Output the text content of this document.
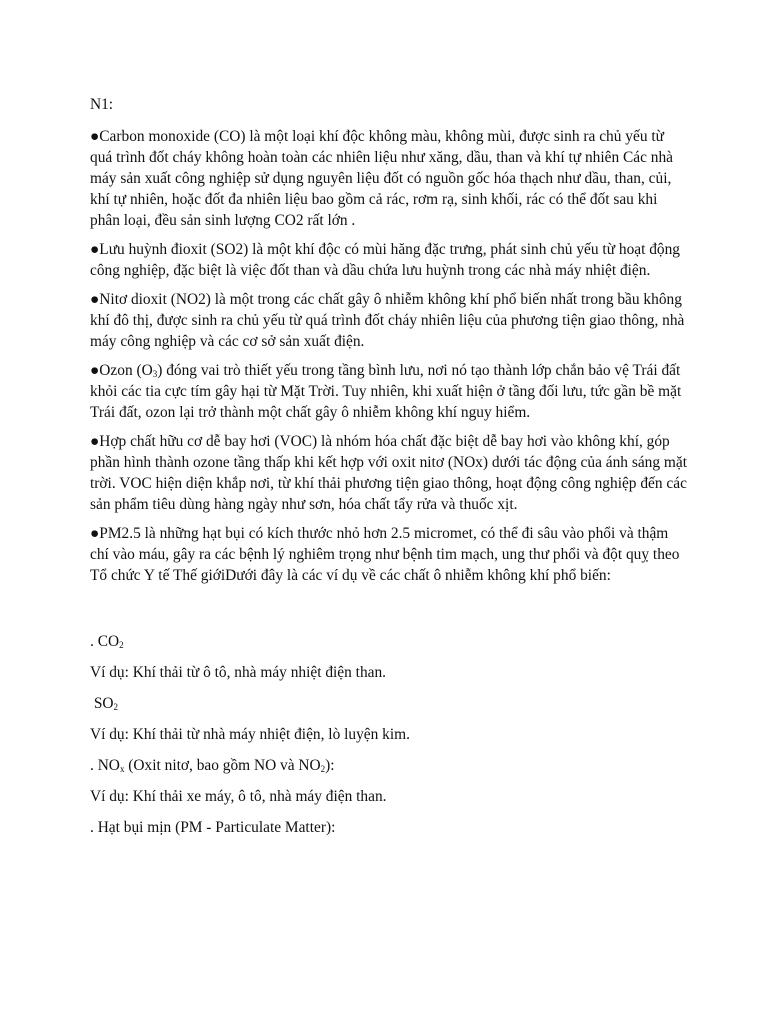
N1:

●Carbon monoxide (CO) là một loại khí độc không màu, không mùi, được sinh ra chủ yếu từ quá trình đốt cháy không hoàn toàn các nhiên liệu như xăng, dầu, than và khí tự nhiên Các nhà máy sản xuất công nghiệp sử dụng nguyên liệu đốt có nguồn gốc hóa thạch như dầu, than, củi, khí tự nhiên, hoặc đốt đa nhiên liệu bao gồm cả rác, rơm rạ, sinh khối, rác có thể đốt sau khi phân loại, đều sản sinh lượng CO2 rất lớn .

●Lưu huỳnh đioxit (SO2) là một khí độc có mùi hăng đặc trưng, phát sinh chủ yếu từ hoạt động công nghiệp, đặc biệt là việc đốt than và dầu chứa lưu huỳnh trong các nhà máy nhiệt điện.

●Nitơ dioxit (NO2) là một trong các chất gây ô nhiễm không khí phổ biến nhất trong bầu không khí đô thị, được sinh ra chủ yếu từ quá trình đốt cháy nhiên liệu của phương tiện giao thông, nhà máy công nghiệp và các cơ sở sản xuất điện.

●Ozon $(O_3)$ đóng vai trò thiết yếu trong tầng bình lưu, nơi nó tạo thành lớp chắn bảo vệ Trái đất khỏi các tia cực tím gây hại từ Mặt Trời. Tuy nhiên, khi xuất hiện ở tầng đối lưu, tức gần bề mặt Trái đất, ozon lại trở thành một chất gây ô nhiễm không khí nguy hiểm.

●Hợp chất hữu cơ dễ bay hơi (VOC) là nhóm hóa chất đặc biệt dễ bay hơi vào không khí, góp phần hình thành ozone tầng thấp khi kết hợp với oxit nitơ (NOx) dưới tác động của ánh sáng mặt trời. VOC hiện diện khắp nơi, từ khí thải phương tiện giao thông, hoạt động công nghiệp đến các sản phẩm tiêu dùng hàng ngày như sơn, hóa chất tẩy rửa và thuốc xịt.

●PM2.5 là những hạt bụi có kích thước nhỏ hơn 2.5 micromet, có thể đi sâu vào phổi và thậm chí vào máu, gây ra các bệnh lý nghiêm trọng như bệnh tim mạch, ung thư phổi và đột quỵ theo Tổ chức Y tế Thế giớiDưới đây là các ví dụ về các chất ô nhiễm không khí phổ biến:

. $CO_2$

Ví dụ: Khí thải từ ô tô, nhà máy nhiệt điện than.

$SO_2$

Ví dụ: Khí thải từ nhà máy nhiệt điện, lò luyện kim.

. $NO_x$ (Oxit nitơ, bao gồm NO và $NO_2$):

Ví dụ: Khí thải xe máy, ô tô, nhà máy điện than.

. Hạt bụi mịn (PM - Particulate Matter):
